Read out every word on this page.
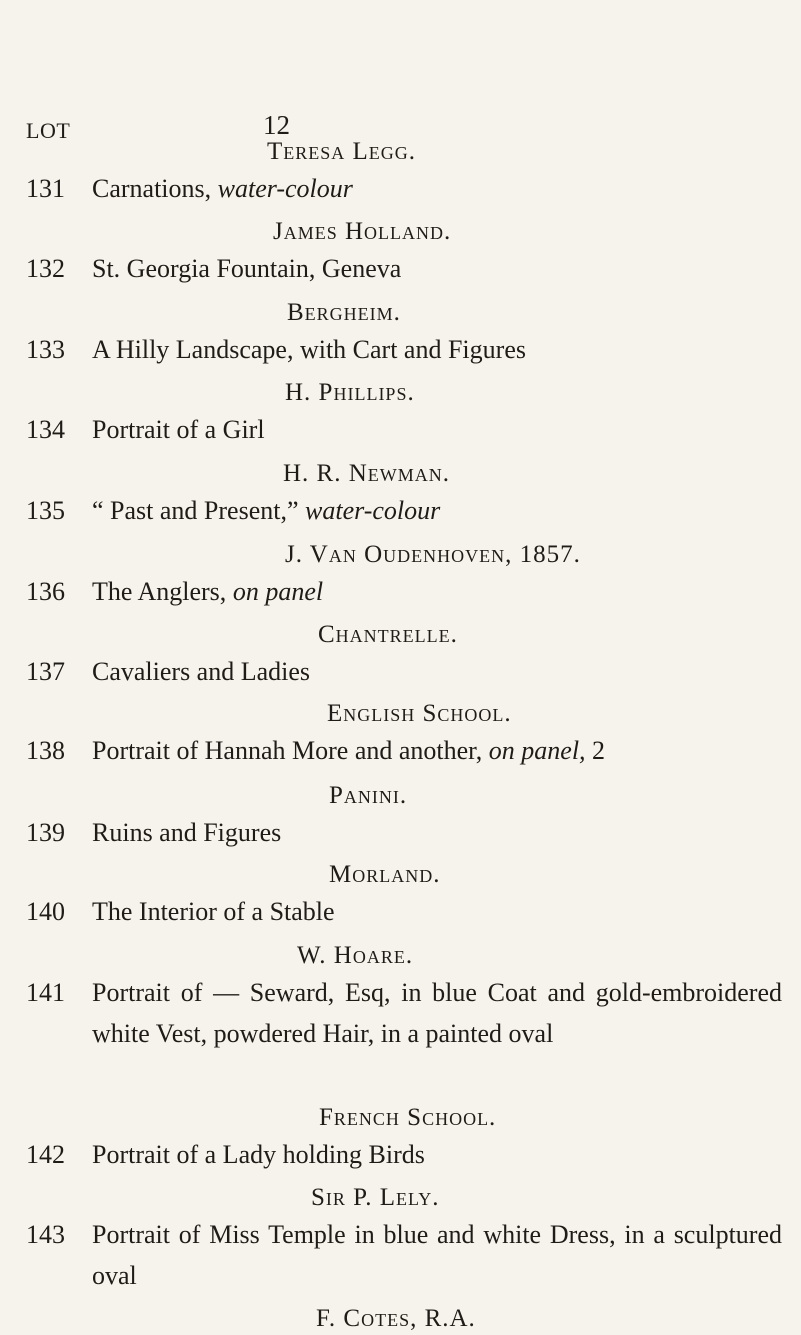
LOT	12
Teresa Legg.
131 Carnations, water-colour
James Holland.
132 St. Georgia Fountain, Geneva
Bergheim.
133 A Hilly Landscape, with Cart and Figures
H. Phillips.
134 Portrait of a Girl
H. R. Newman.
135 “ Past and Present,” water-colour
J. Van Oudenhoven, 1857.
136 The Anglers, on panel
Chantrelle.
137 Cavaliers and Ladies
English School.
138 Portrait of Hannah More and another, on panel, 2
Panini.
139 Ruins and Figures
Morland.
140 The Interior of a Stable
W. Hoare.
141 Portrait of — Seward, Esq, in blue Coat and gold-embroidered white Vest, powdered Hair, in a painted oval
French School.
142 Portrait of a Lady holding Birds
Sir P. Lely.
143 Portrait of Miss Temple in blue and white Dress, in a sculptured oval
F. Cotes, R.A.
